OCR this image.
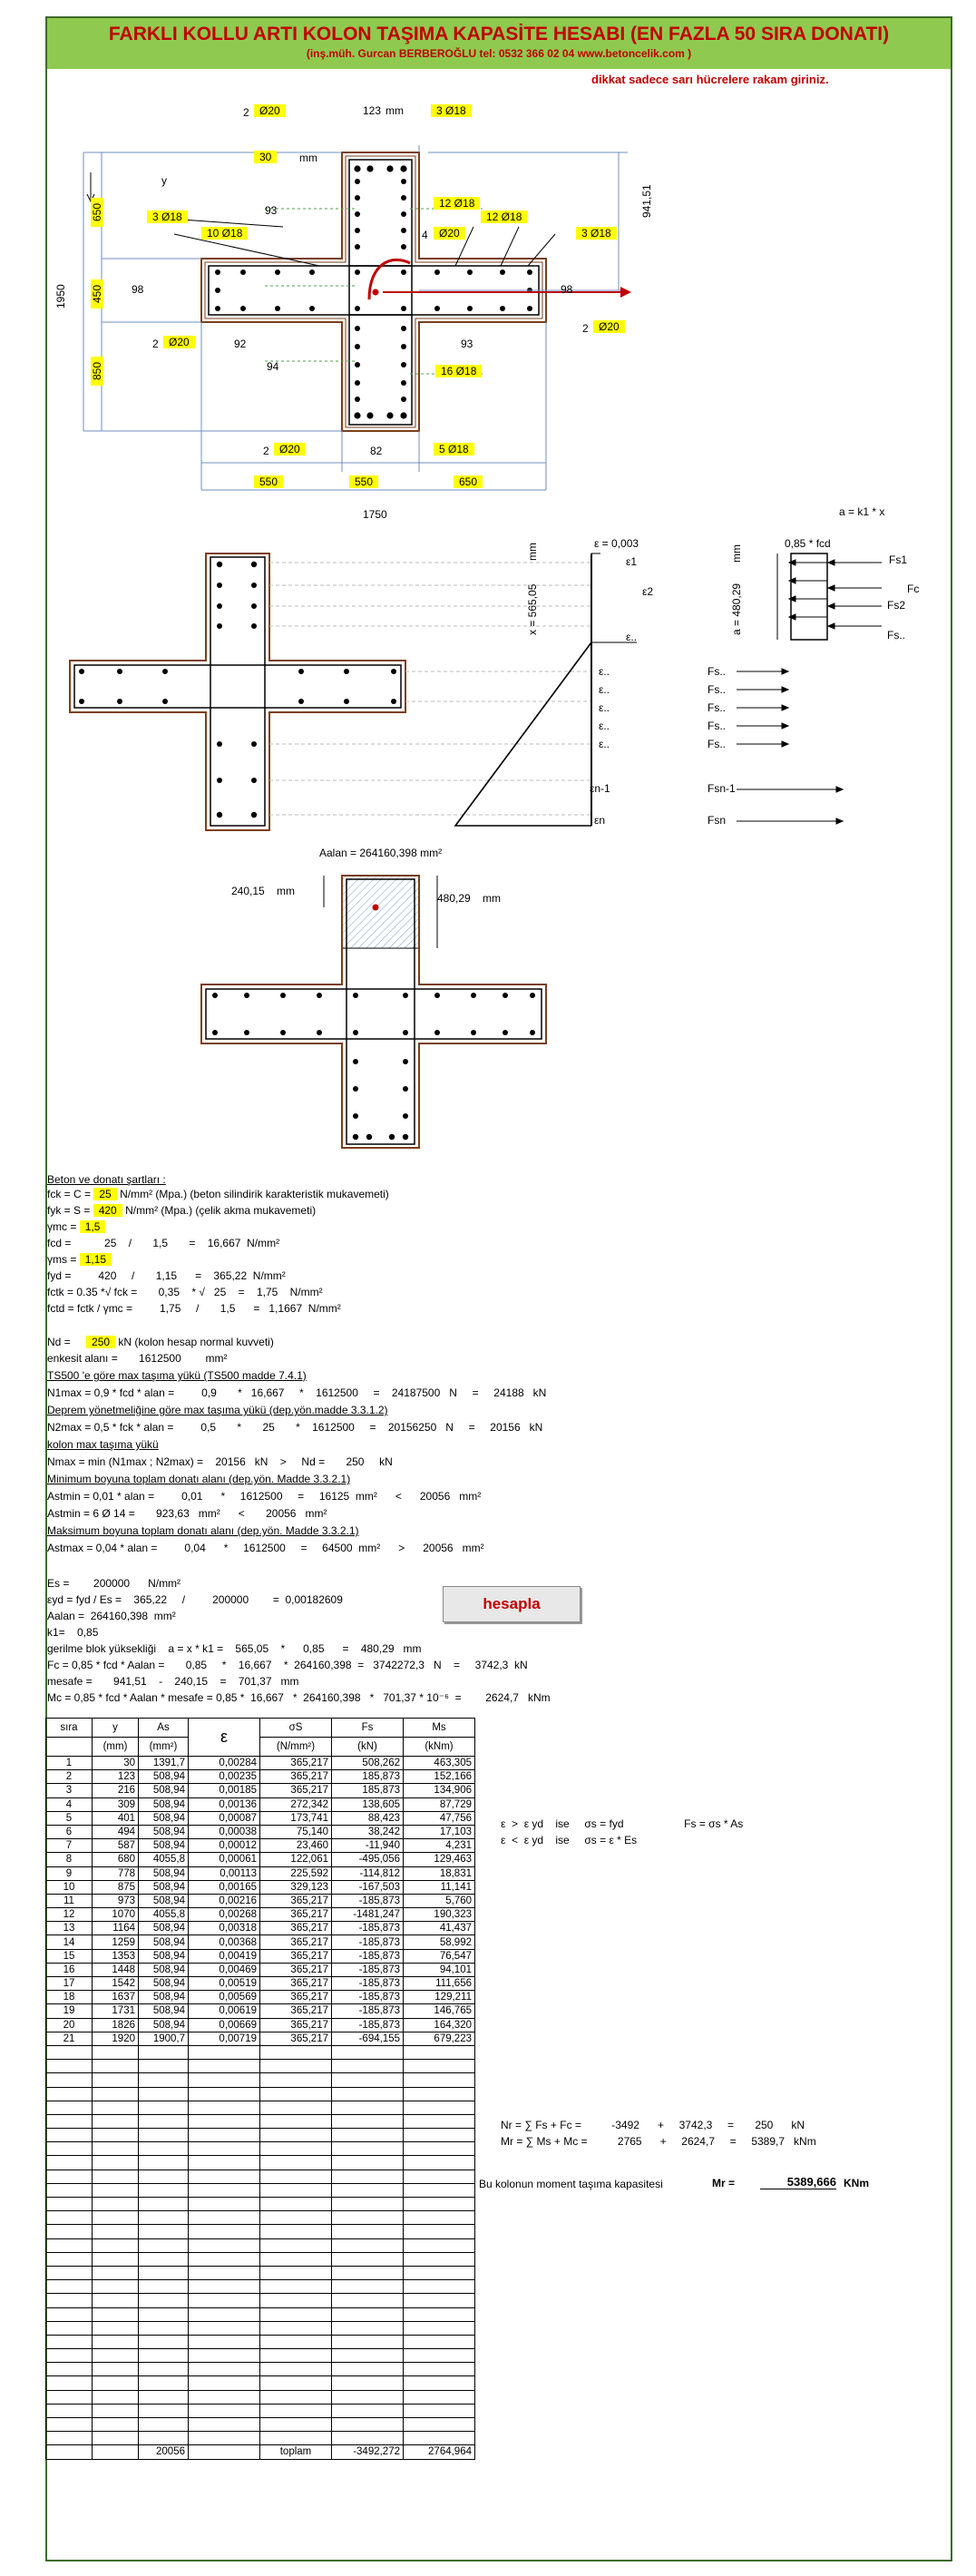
FARKLI KOLLU ARTI KOLON TAŞIMA KAPASİTE HESABI (EN FAZLA 50 SIRA DONATI)
(inş.müh. Gurcan BERBEROĞLU tel: 0532 366 02 04 www.betoncelik.com )
dikkat sadece sarı hücrelere rakam giriniz.
2 Ø20	123 mm	3 Ø18
30	mm
y
93
3 Ø18
10 Ø18
12 Ø18
12 Ø18
4	Ø20	3 Ø18
941,51
1950
650
450
850
98	98
2 Ø20	92	93
2 Ø20
94	16 Ø18
2 Ø20	82	5 Ø18
550	550	650
1750	a = k1 * x
0,85 * fcd
ε = 0,003
ε1
ε2
ε..
x = 565,05	a = 480,29
mm	mm	Fs1
Fc
Fs2
Fs..
ε..
ε..
ε..
ε..
ε..
Fs..
Fs..
Fs..
Fs..
Fs..
εn-1
εn
Fsn-1
Fsn
Aalan = 264160,398 mm²
240,15 mm
480,29 mm
Beton ve donatı şartları :
fck = C = 25 N/mm² (Mpa.) (beton silindirik karakteristik mukavemeti)
fyk = S = 420 N/mm² (Mpa.) (çelik akma mukavemeti)
γmc = 1,5
fcd =           25    /       1,5       =    16,667  N/mm²
γms = 1,15
fyd =         420     /       1,15      =    365,22  N/mm²
fctk = 0.35 *√ fck =       0,35    * √   25    =    1,75    N/mm²
fctd = fctk / γmc =         1,75     /       1,5      =   1,1667  N/mm²
Nd = 250 kN (kolon hesap normal kuvveti)
enkesit alanı =       1612500        mm²
TS500 'e göre max taşıma yükü (TS500 madde 7.4.1)
N1max = 0,9 * fcd * alan =         0,9       *   16,667     *    1612500     =    24187500   N     =     24188   kN
Deprem yönetmeliğine göre max taşıma yükü (dep.yön.madde 3.3.1.2)
N2max = 0,5 * fck * alan =         0,5       *       25       *    1612500     =    20156250   N     =     20156   kN
kolon max taşıma yükü
Nmax = min (N1max ; N2max) =    20156   kN    >     Nd =       250     kN
Minimum boyuna toplam donatı alanı (dep.yön. Madde 3.3.2.1)
Astmin = 0,01 * alan =         0,01      *     1612500     =     16125  mm²      <      20056   mm²
Astmin = 6 Ø 14 =       923,63   mm²      <       20056   mm²
Maksimum boyuna toplam donatı alanı (dep.yön. Madde 3.3.2.1)
Astmax = 0,04 * alan =         0,04      *     1612500     =     64500  mm²      >      20056   mm²
Es =        200000      N/mm²
εyd = fyd / Es =    365,22     /         200000        =  0,00182609
Aalan =  264160,398  mm²
k1=    0,85
gerilme blok yüksekliği    a = x * k1 =    565,05    *      0,85      =    480,29   mm
Fc = 0,85 * fcd * Aalan =       0,85     *    16,667    *  264160,398  =   3742272,3   N    =     3742,3  kN
mesafe =       941,51    -    240,15    =    701,37   mm
Mc = 0,85 * fcd * Aalan * mesafe = 0,85 *  16,667   *  264160,398   *   701,37 * 10⁻⁶  =        2624,7   kNm
hesapla
sıra	y	As	ε	σS	Fs	Ms
	(mm)	(mm²)		(N/mm²)	(kN)	(kNm)
1	30	1391,7	0,00284	365,217	508,262	463,305
2	123	508,94	0,00235	365,217	185,873	152,166
3	216	508,94	0,00185	365,217	185,873	134,906
4	309	508,94	0,00136	272,342	138,605	87,729
5	401	508,94	0,00087	173,741	88,423	47,756
6	494	508,94	0,00038	75,140	38,242	17,103
7	587	508,94	0,00012	23,460	-11,940	4,231
8	680	4055,8	0,00061	122,061	-495,056	129,463
9	778	508,94	0,00113	225,592	-114,812	18,831
10	875	508,94	0,00165	329,123	-167,503	11,141
11	973	508,94	0,00216	365,217	-185,873	5,760
12	1070	4055,8	0,00268	365,217	-1481,247	190,323
13	1164	508,94	0,00318	365,217	-185,873	41,437
14	1259	508,94	0,00368	365,217	-185,873	58,992
15	1353	508,94	0,00419	365,217	-185,873	76,547
16	1448	508,94	0,00469	365,217	-185,873	94,101
17	1542	508,94	0,00519	365,217	-185,873	111,656
18	1637	508,94	0,00569	365,217	-185,873	129,211
19	1731	508,94	0,00619	365,217	-185,873	146,765
20	1826	508,94	0,00669	365,217	-185,873	164,320
21	1920	1900,7	0,00719	365,217	-694,155	679,223

		20056		toplam	-3492,272	2764,964
ε  >  ε yd    ise     σs = fyd                    Fs = σs * As
ε  <  ε yd    ise     σs = ε * Es
Nr = ∑ Fs + Fc =          -3492      +     3742,3     =       250      kN
Mr = ∑ Ms + Mc =          2765      +     2624,7     =     5389,7   kNm
Bu kolonun moment taşıma kapasitesi	Mr =	5389,666 KNm
